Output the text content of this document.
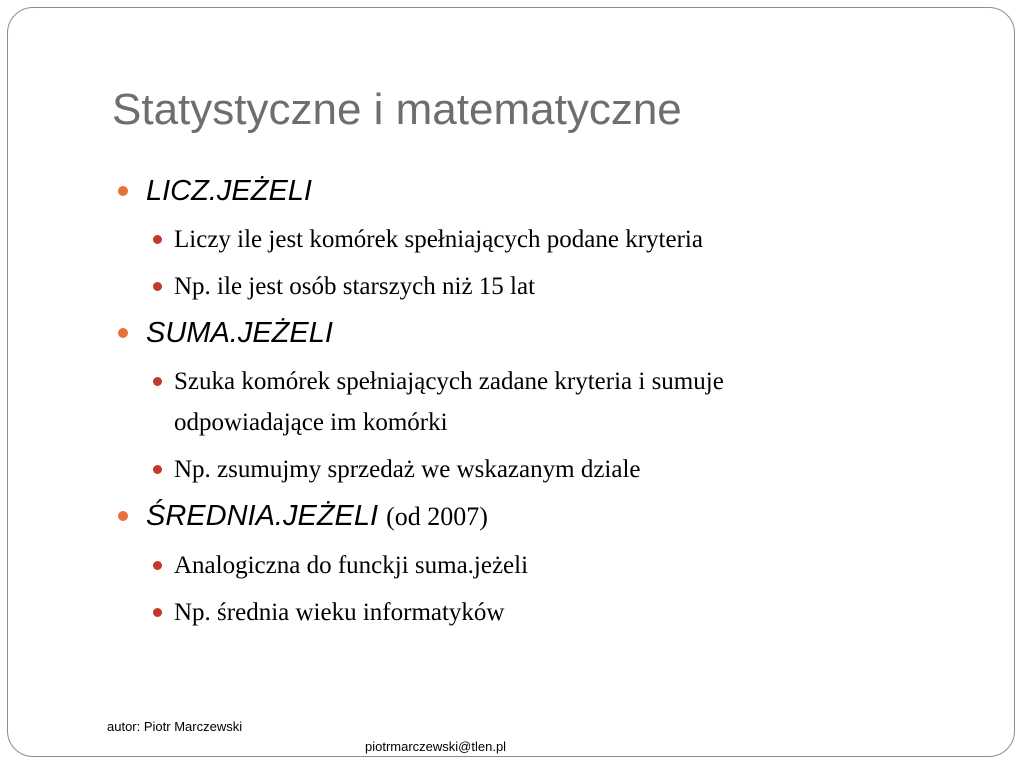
Statystyczne i matematyczne
LICZ.JEŻELI
Liczy ile jest komórek spełniających podane kryteria
Np. ile jest osób starszych niż 15 lat
SUMA.JEŻELI
Szuka komórek spełniających zadane kryteria i sumuje odpowiadające im komórki
Np. zsumujmy sprzedaż we wskazanym dziale
ŚREDNIA.JEŻELI (od 2007)
Analogiczna do funckji suma.jeżeli
Np. średnia wieku informatyków
autor: Piotr Marczewski
piotrmarczewski@tlen.pl
